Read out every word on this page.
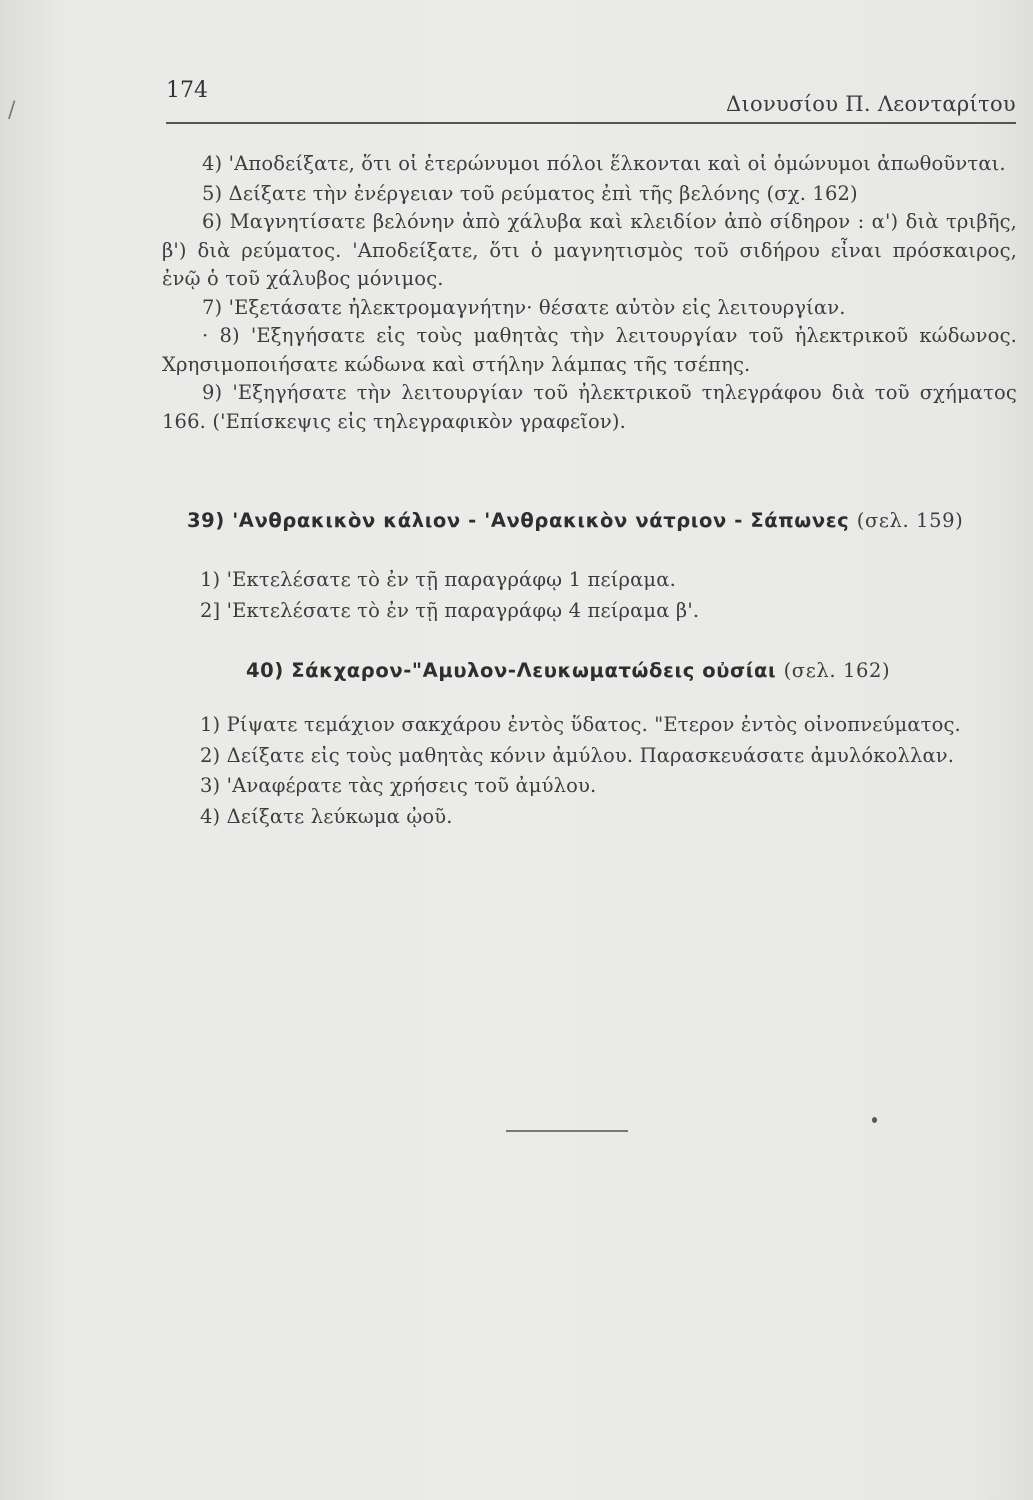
/
174
Διονυσίου Π. Λεονταρίτου

4) 'Αποδείξατε, ὅτι οἱ ἑτερώνυμοι πόλοι ἕλκονται καὶ οἱ ὁμώνυμοι ἀπωθοῦνται.

5) Δείξατε τὴν ἐνέργειαν τοῦ ρεύματος ἐπὶ τῆς βελόνης (σχ. 162)

6) Μαγνητίσατε βελόνην ἀπὸ χάλυβα καὶ κλειδίον ἀπὸ σίδηρον : α') διὰ τριβῆς, β') διὰ ρεύματος. 'Αποδείξατε, ὅτι ὁ μαγνητισμὸς τοῦ σιδήρου εἶναι πρόσκαιρος, ἐνῷ ὁ τοῦ χάλυβος μόνιμος.

7) 'Εξετάσατε ἠλεκτρομαγνήτην· θέσατε αὐτὸν εἰς λειτουργίαν.

· 8) 'Εξηγήσατε εἰς τοὺς μαθητὰς τὴν λειτουργίαν τοῦ ἠλεκτρικοῦ κώδωνος. Χρησιμοποιήσατε κώδωνα καὶ στήλην λάμπας τῆς τσέπης.

9) 'Εξηγήσατε τὴν λειτουργίαν τοῦ ἠλεκτρικοῦ τηλεγράφου διὰ τοῦ σχήματος 166. ('Επίσκεψις εἰς τηλεγραφικὸν γραφεῖον).

39) 'Ανθρακικὸν κάλιον - 'Ανθρακικὸν νάτριον - Σάπωνες (σελ. 159)

1) 'Εκτελέσατε τὸ ἐν τῇ παραγράφῳ 1 πείραμα.

2] 'Εκτελέσατε τὸ ἐν τῇ παραγράφῳ 4 πείραμα β'.

40) Σάκχαρον-"Αμυλον-Λευκωματώδεις οὐσίαι (σελ. 162)

1) Ρίψατε τεμάχιον σακχάρου ἐντὸς ὕδατος. "Ετερον ἐντὸς οἰνοπνεύματος.

2) Δείξατε εἰς τοὺς μαθητὰς κόνιν ἀμύλου. Παρασκευάσατε ἀμυλόκολλαν.

3) 'Αναφέρατε τὰς χρήσεις τοῦ ἀμύλου.

4) Δείξατε λεύκωμα ᾠοῦ.
